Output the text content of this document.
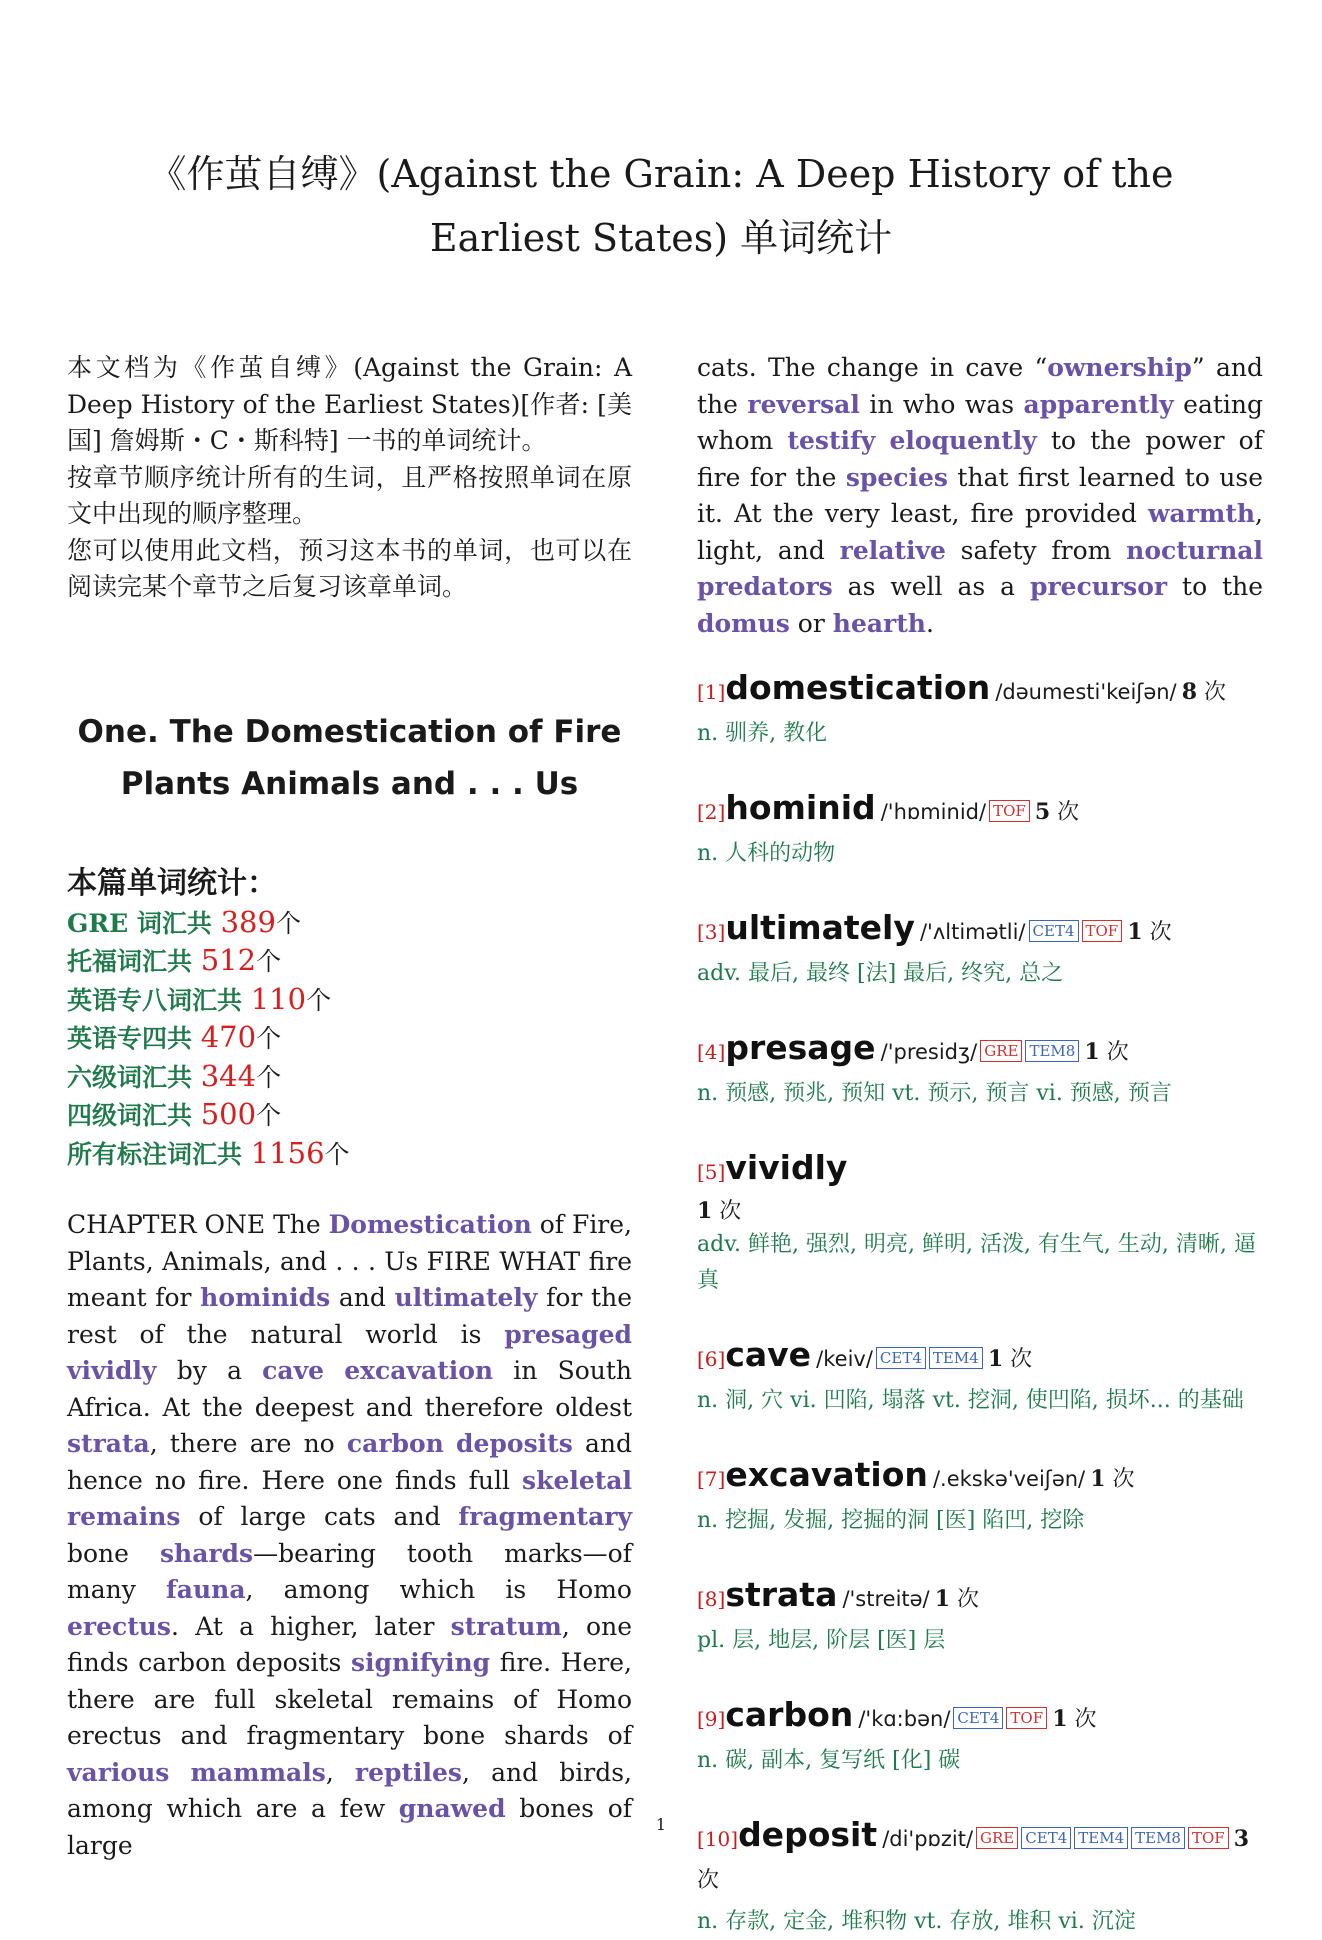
《作茧自缚》(Against the Grain: A Deep History of the Earliest States) 单词统计

本文档为《作茧自缚》(Against the Grain: A Deep History of the Earliest States)[作者: [美国] 詹姆斯・C・斯科特] 一书的单词统计。

按章节顺序统计所有的生词，且严格按照单词在原文中出现的顺序整理。

您可以使用此文档，预习这本书的单词，也可以在阅读完某个章节之后复习该章单词。

One. The Domestication of Fire
Plants Animals and . . . Us
本篇单词统计：
GRE 词汇共 389个
托福词汇共 512个
英语专八词汇共 110个
英语专四共 470个
六级词汇共 344个
四级词汇共 500个
所有标注词汇共 1156个

CHAPTER ONE The Domestication of Fire, Plants, Animals, and . . . Us FIRE WHAT fire meant for hominids and ultimately for the rest of the natural world is presaged vividly by a cave excavation in South Africa. At the deepest and therefore oldest strata, there are no carbon deposits and hence no fire. Here one finds full skeletal remains of large cats and fragmentary bone shards—bearing tooth marks—of many fauna, among which is Homo erectus. At a higher, later stratum, one finds carbon deposits signifying fire. Here, there are full skeletal remains of Homo erectus and fragmentary bone shards of various mammals, reptiles, and birds, among which are a few gnawed bones of large

cats. The change in cave “ownership” and the reversal in who was apparently eating whom testify eloquently to the power of fire for the species that first learned to use it. At the very least, fire provided warmth, light, and relative safety from nocturnal predators as well as a precursor to the domus or hearth.

[1]domestication /dəumesti'keiʃən/ 8 次
n. 驯养, 教化
[2]hominid /'hɒminid/ TOF 5 次
n. 人科的动物
[3]ultimately /'ʌltimətli/ CET4 TOF 1 次
adv. 最后, 最终 [法] 最后, 终究, 总之
[4]presage /'presidʒ/ GRE TEM8 1 次
n. 预感, 预兆, 预知 vt. 预示, 预言 vi. 预感, 预言
[5]vividly
1 次
adv. 鲜艳, 强烈, 明亮, 鲜明, 活泼, 有生气, 生动, 清晰, 逼真
[6]cave /keiv/ CET4 TEM4 1 次
n. 洞, 穴 vi. 凹陷, 塌落 vt. 挖洞, 使凹陷, 损坏... 的基础
[7]excavation /.ekskə'veiʃən/ 1 次
n. 挖掘, 发掘, 挖掘的洞 [医] 陷凹, 挖除
[8]strata /'streitə/ 1 次
pl. 层, 地层, 阶层 [医] 层
[9]carbon /'kɑ:bən/ CET4 TOF 1 次
n. 碳, 副本, 复写纸 [化] 碳
[10]deposit /di'pɒzit/ GRE CET4 TEM4 TEM8 TOF 3 次
n. 存款, 定金, 堆积物 vt. 存放, 堆积 vi. 沉淀
1
